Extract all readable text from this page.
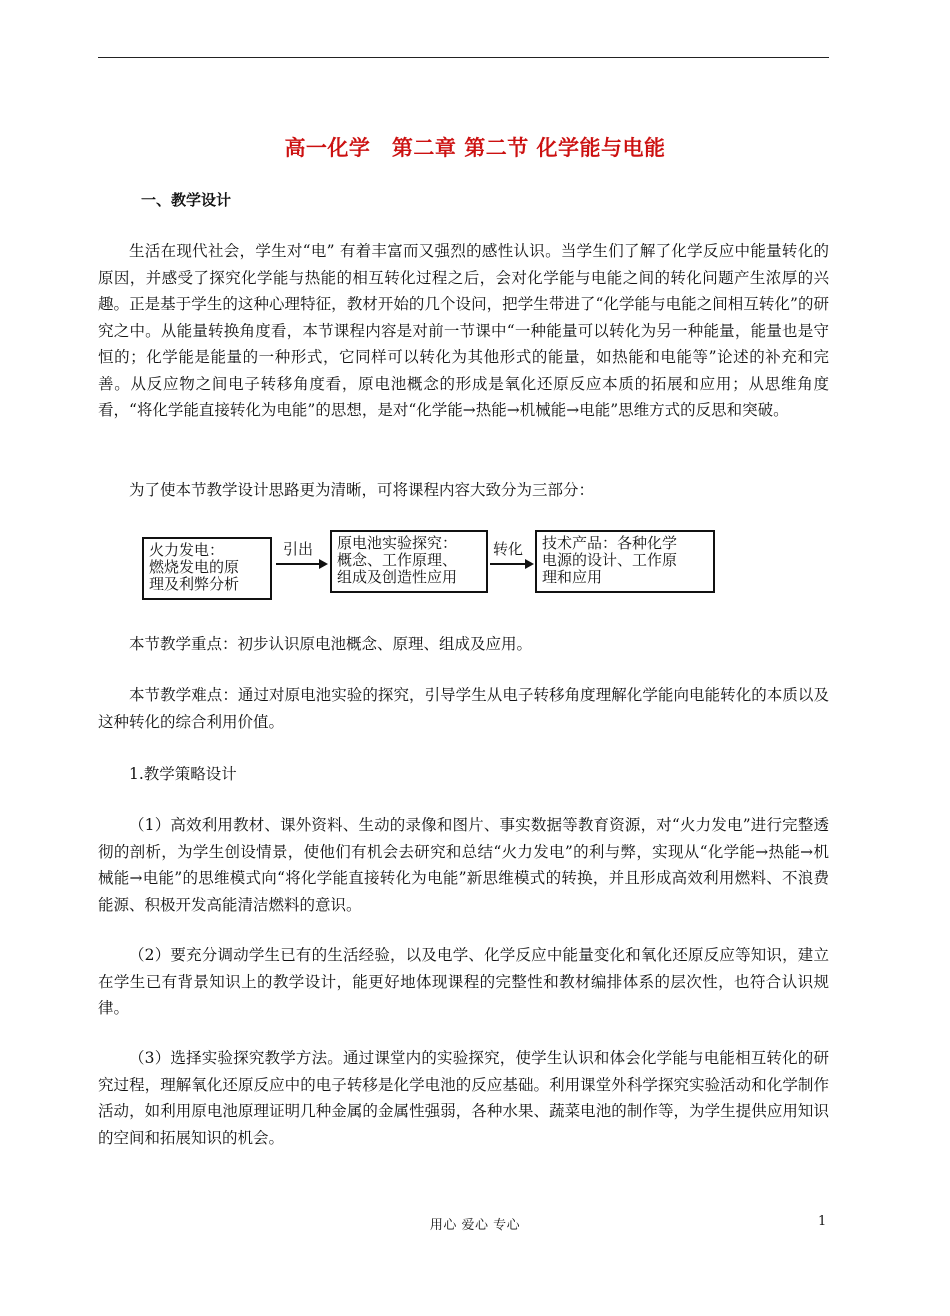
高一化学　第二章 第二节 化学能与电能
一、教学设计

生活在现代社会，学生对“电” 有着丰富而又强烈的感性认识。当学生们了解了化学反应中能量转化的原因，并感受了探究化学能与热能的相互转化过程之后，会对化学能与电能之间的转化问题产生浓厚的兴趣。正是基于学生的这种心理特征，教材开始的几个设问，把学生带进了“化学能与电能之间相互转化”的研究之中。从能量转换角度看，本节课程内容是对前一节课中“一种能量可以转化为另一种能量，能量也是守恒的；化学能是能量的一种形式，它同样可以转化为其他形式的能量，如热能和电能等”论述的补充和完善。从反应物之间电子转移角度看，原电池概念的形成是氧化还原反应本质的拓展和应用；从思维角度看，“将化学能直接转化为电能”的思想，是对“化学能→热能→机械能→电能”思维方式的反思和突破。

为了使本节教学设计思路更为清晰，可将课程内容大致分为三部分：

火力发电：
燃烧发电的原
理及利弊分析
引出 原电池实验探究：
概念、工作原理、
组成及创造性应用
转化 技术产品：各种化学
电源的设计、工作原
理和应用

本节教学重点：初步认识原电池概念、原理、组成及应用。

本节教学难点：通过对原电池实验的探究，引导学生从电子转移角度理解化学能向电能转化的本质以及这种转化的综合利用价值。

1.教学策略设计

（1）高效利用教材、课外资料、生动的录像和图片、事实数据等教育资源，对“火力发电”进行完整透彻的剖析，为学生创设情景，使他们有机会去研究和总结“火力发电”的利与弊，实现从“化学能→热能→机械能→电能”的思维模式向“将化学能直接转化为电能”新思维模式的转换，并且形成高效利用燃料、不浪费能源、积极开发高能清洁燃料的意识。

（2）要充分调动学生已有的生活经验，以及电学、化学反应中能量变化和氧化还原反应等知识，建立在学生已有背景知识上的教学设计，能更好地体现课程的完整性和教材编排体系的层次性，也符合认识规律。

（3）选择实验探究教学方法。通过课堂内的实验探究，使学生认识和体会化学能与电能相互转化的研究过程，理解氧化还原反应中的电子转移是化学电池的反应基础。利用课堂外科学探究实验活动和化学制作活动，如利用原电池原理证明几种金属的金属性强弱，各种水果、蔬菜电池的制作等，为学生提供应用知识的空间和拓展知识的机会。

用心 爱心 专心	1
